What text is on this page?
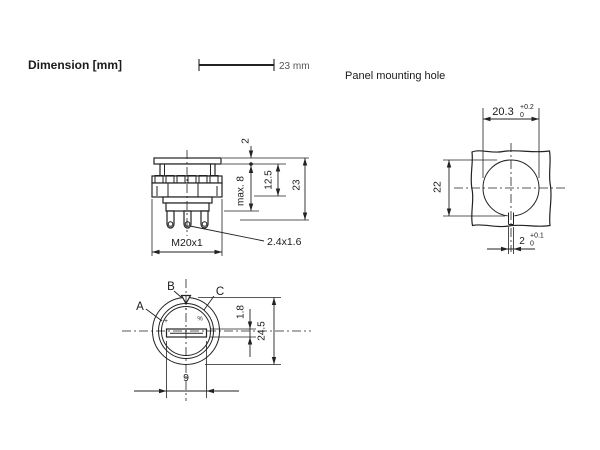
Dimension [mm]	23 mm
Panel mounting hole
2
max. 8 12.5 23
M20x1	2.4x1.6
▫
+	%
A
B	C
1.8
24.5
9
20.3 +0.2
0
22
2 +0.1
0
